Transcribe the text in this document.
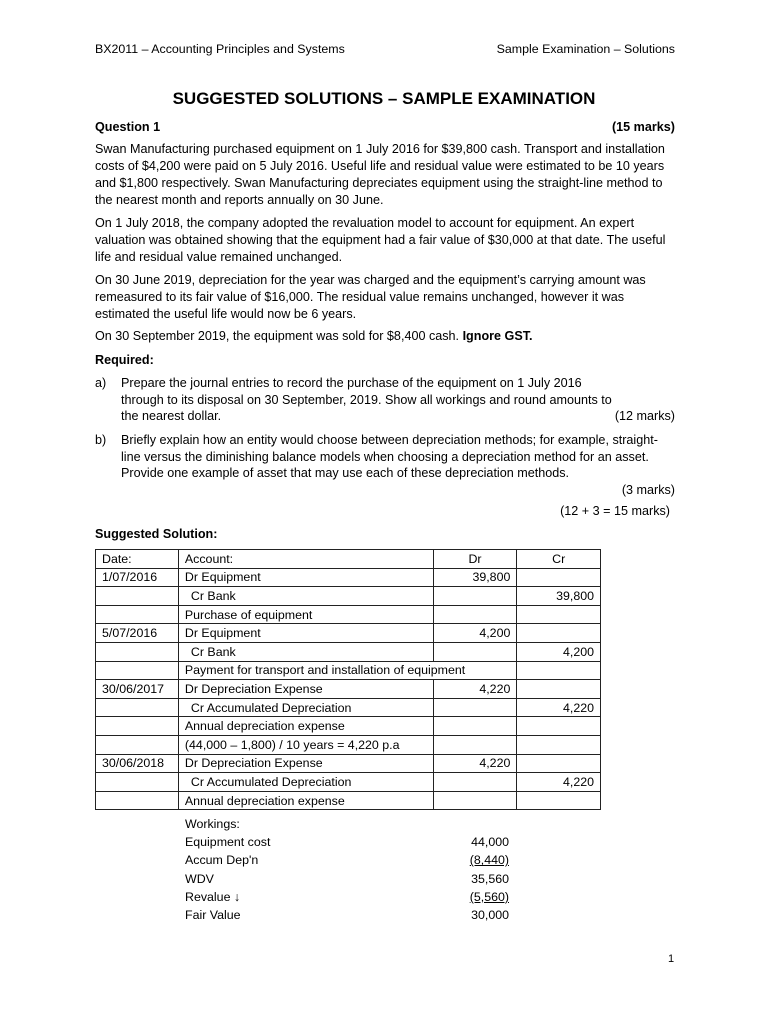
BX2011 – Accounting Principles and Systems	Sample Examination – Solutions
SUGGESTED SOLUTIONS – SAMPLE EXAMINATION
Question 1	(15 marks)
Swan Manufacturing purchased equipment on 1 July 2016 for $39,800 cash. Transport and installation costs of $4,200 were paid on 5 July 2016. Useful life and residual value were estimated to be 10 years and $1,800 respectively. Swan Manufacturing depreciates equipment using the straight-line method to the nearest month and reports annually on 30 June.
On 1 July 2018, the company adopted the revaluation model to account for equipment. An expert valuation was obtained showing that the equipment had a fair value of $30,000 at that date. The useful life and residual value remained unchanged.
On 30 June 2019, depreciation for the year was charged and the equipment’s carrying amount was remeasured to its fair value of $16,000. The residual value remains unchanged, however it was estimated the useful life would now be 6 years.
On 30 September 2019, the equipment was sold for $8,400 cash. Ignore GST.
Required:
a) Prepare the journal entries to record the purchase of the equipment on 1 July 2016 through to its disposal on 30 September, 2019. Show all workings and round amounts to the nearest dollar.	(12 marks)
b) Briefly explain how an entity would choose between depreciation methods; for example, straight-line versus the diminishing balance models when choosing a depreciation method for an asset. Provide one example of asset that may use each of these depreciation methods.
(3 marks)
(12 + 3 = 15 marks)
Suggested Solution:
Date:	Account:	Dr	Cr
1/07/2016	Dr Equipment	39,800	
	Cr Bank		39,800
	Purchase of equipment		
5/07/2016	Dr Equipment	4,200	
	Cr Bank		4,200
	Payment for transport and installation of equipment		
30/06/2017	Dr Depreciation Expense	4,220	
	Cr Accumulated Depreciation		4,220
	Annual depreciation expense		
	(44,000 – 1,800) / 10 years = 4,220 p.a		
30/06/2018	Dr Depreciation Expense	4,220	
	Cr Accumulated Depreciation		4,220
	Annual depreciation expense		
Workings:
Equipment cost	44,000
Accum Dep'n	(8,440)
WDV	35,560
Revalue ↓	(5,560)
Fair Value	30,000
1
